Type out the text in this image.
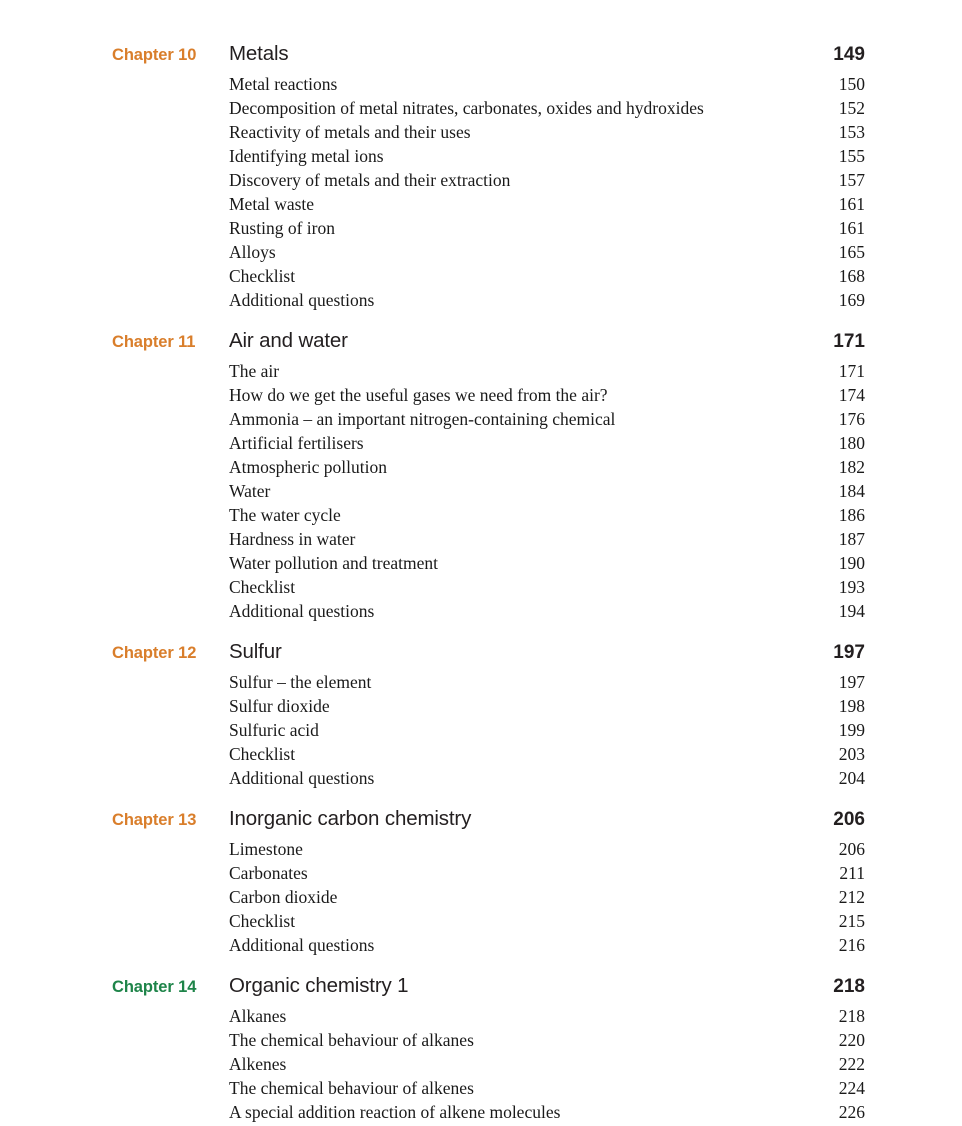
Chapter 10	Metals	149
Metal reactions	150
Decomposition of metal nitrates, carbonates, oxides and hydroxides	152
Reactivity of metals and their uses	153
Identifying metal ions	155
Discovery of metals and their extraction	157
Metal waste	161
Rusting of iron	161
Alloys	165
Checklist	168
Additional questions	169
Chapter 11	Air and water	171
The air	171
How do we get the useful gases we need from the air?	174
Ammonia – an important nitrogen-containing chemical	176
Artificial fertilisers	180
Atmospheric pollution	182
Water	184
The water cycle	186
Hardness in water	187
Water pollution and treatment	190
Checklist	193
Additional questions	194
Chapter 12	Sulfur	197
Sulfur – the element	197
Sulfur dioxide	198
Sulfuric acid	199
Checklist	203
Additional questions	204
Chapter 13	Inorganic carbon chemistry	206
Limestone	206
Carbonates	211
Carbon dioxide	212
Checklist	215
Additional questions	216
Chapter 14	Organic chemistry 1	218
Alkanes	218
The chemical behaviour of alkanes	220
Alkenes	222
The chemical behaviour of alkenes	224
A special addition reaction of alkene molecules	226
